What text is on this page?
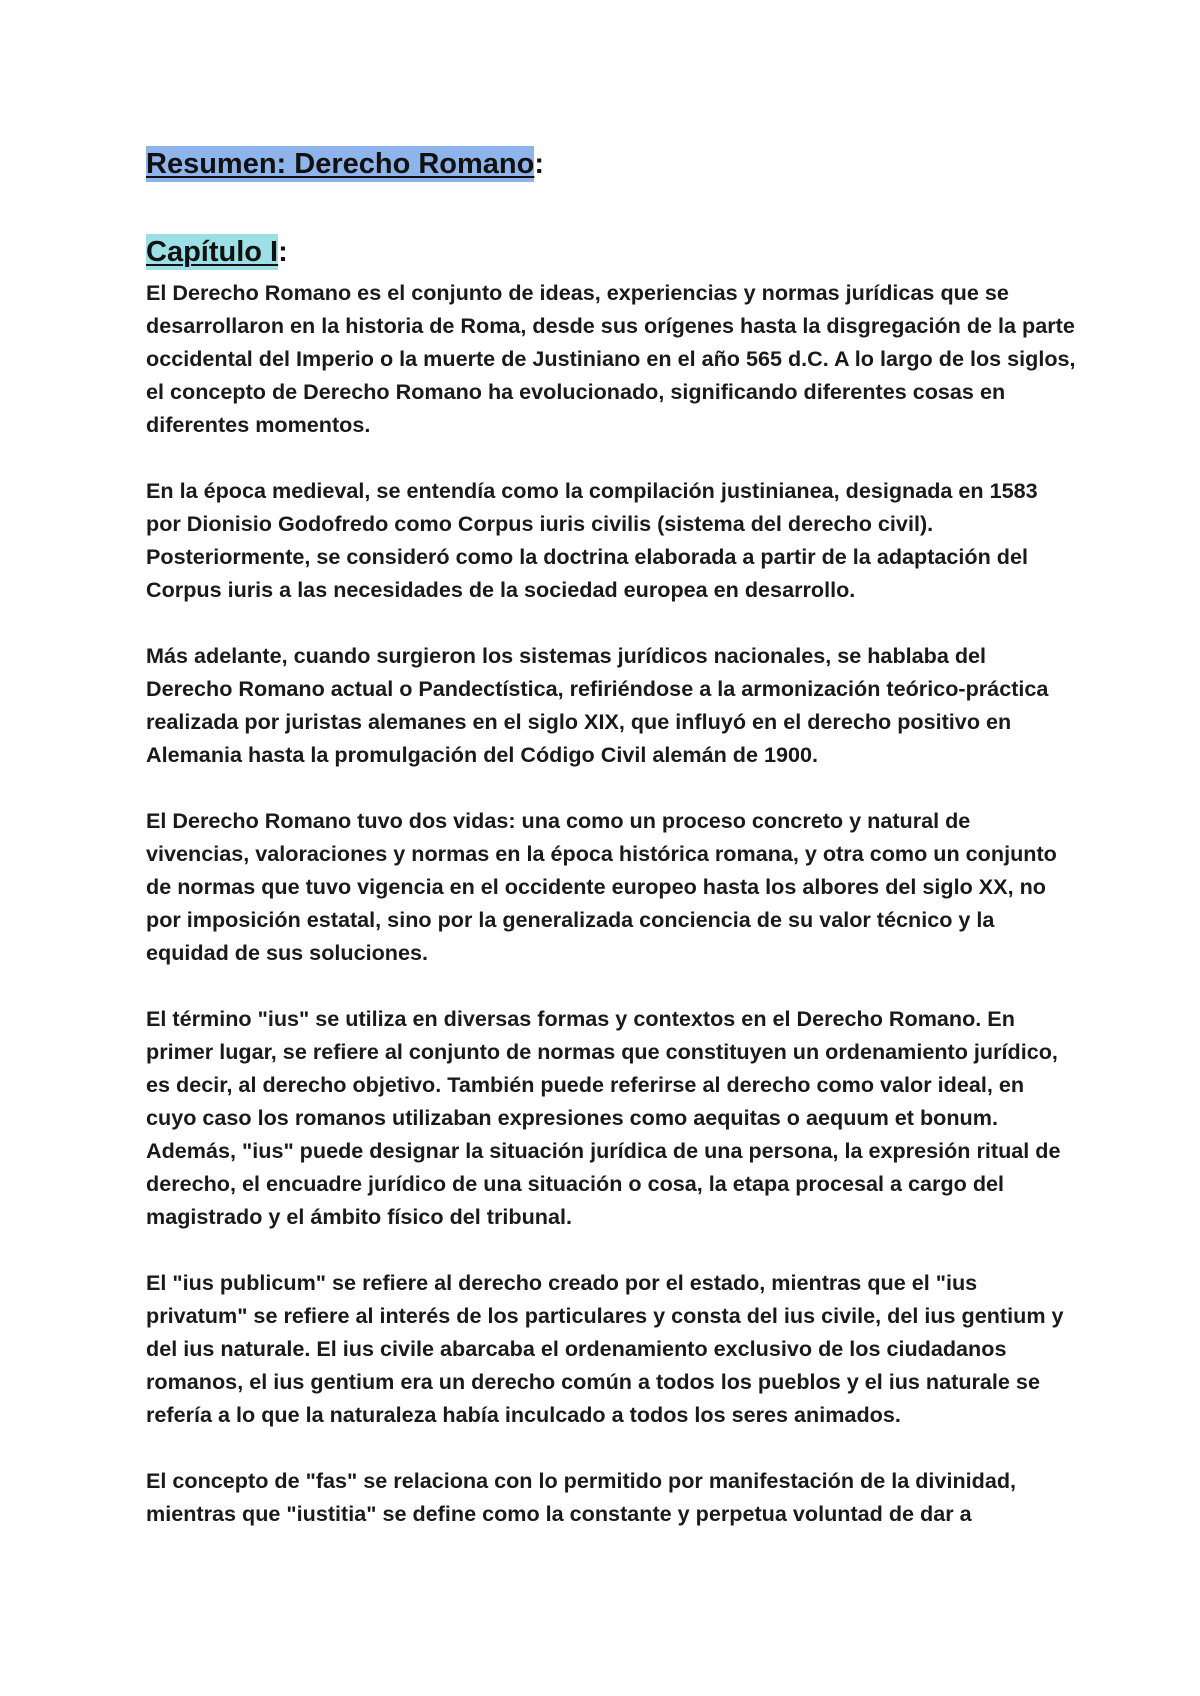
Resumen: Derecho Romano:
Capítulo I:

El Derecho Romano es el conjunto de ideas, experiencias y normas jurídicas que se desarrollaron en la historia de Roma, desde sus orígenes hasta la disgregación de la parte occidental del Imperio o la muerte de Justiniano en el año 565 d.C. A lo largo de los siglos, el concepto de Derecho Romano ha evolucionado, significando diferentes cosas en diferentes momentos.

En la época medieval, se entendía como la compilación justinianea, designada en 1583 por Dionisio Godofredo como Corpus iuris civilis (sistema del derecho civil). Posteriormente, se consideró como la doctrina elaborada a partir de la adaptación del Corpus iuris a las necesidades de la sociedad europea en desarrollo.

Más adelante, cuando surgieron los sistemas jurídicos nacionales, se hablaba del Derecho Romano actual o Pandectística, refiriéndose a la armonización teórico-práctica realizada por juristas alemanes en el siglo XIX, que influyó en el derecho positivo en Alemania hasta la promulgación del Código Civil alemán de 1900.

El Derecho Romano tuvo dos vidas: una como un proceso concreto y natural de vivencias, valoraciones y normas en la época histórica romana, y otra como un conjunto de normas que tuvo vigencia en el occidente europeo hasta los albores del siglo XX, no por imposición estatal, sino por la generalizada conciencia de su valor técnico y la equidad de sus soluciones.

El término "ius" se utiliza en diversas formas y contextos en el Derecho Romano. En primer lugar, se refiere al conjunto de normas que constituyen un ordenamiento jurídico, es decir, al derecho objetivo. También puede referirse al derecho como valor ideal, en cuyo caso los romanos utilizaban expresiones como aequitas o aequum et bonum. Además, "ius" puede designar la situación jurídica de una persona, la expresión ritual de derecho, el encuadre jurídico de una situación o cosa, la etapa procesal a cargo del magistrado y el ámbito físico del tribunal.

El "ius publicum" se refiere al derecho creado por el estado, mientras que el "ius privatum" se refiere al interés de los particulares y consta del ius civile, del ius gentium y del ius naturale. El ius civile abarcaba el ordenamiento exclusivo de los ciudadanos romanos, el ius gentium era un derecho común a todos los pueblos y el ius naturale se refería a lo que la naturaleza había inculcado a todos los seres animados.

El concepto de "fas" se relaciona con lo permitido por manifestación de la divinidad, mientras que "iustitia" se define como la constante y perpetua voluntad de dar a
